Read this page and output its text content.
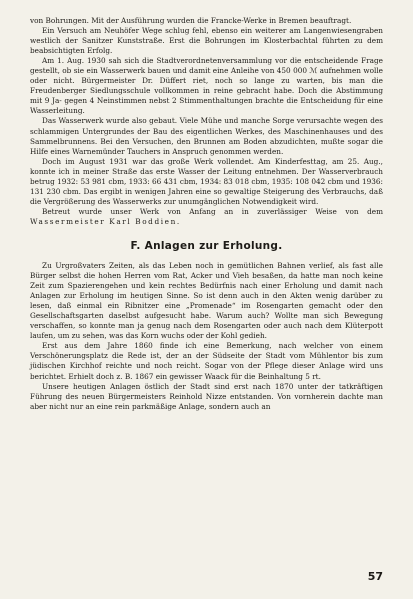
von Bohrungen. Mit der Ausführung wurden die Francke-Werke in Bremen beauftragt.

Ein Versuch am Neuhöfer Wege schlug fehl, ebenso ein weiterer am Langenwiesengraben westlich der Sanitzer Kunststraße. Erst die Bohrungen im Klosterbachtal führten zu dem beabsichtigten Erfolg.

Am 1. Aug. 1930 sah sich die Stadtverordnetenversammlung vor die entscheidende Frage gestellt, ob sie ein Wasserwerk bauen und damit eine Anleihe von 450 000 ℳ aufnehmen wolle oder nicht. Bürgermeister Dr. Düffert riet, noch so lange zu warten, bis man die Freudenberger Siedlungsschule vollkommen in reine gebracht habe. Doch die Abstimmung mit 9 Ja- gegen 4 Neinstimmen nebst 2 Stimmenthaltungen brachte die Entscheidung für eine Wasserleitung.

Das Wasserwerk wurde also gebaut. Viele Mühe und manche Sorge verursachte wegen des schlammigen Untergrundes der Bau des eigentlichen Werkes, des Maschinenhauses und des Sammelbrunnens. Bei den Versuchen, den Brunnen am Boden abzudichten, mußte sogar die Hilfe eines Warnemünder Tauchers in Anspruch genommen werden.

Doch im August 1931 war das große Werk vollendet. Am Kinderfesttag, am 25. Aug., konnte ich in meiner Straße das erste Wasser der Leitung entnehmen. Der Wasserverbrauch betrug 1932: 53 981 cbm, 1933: 66 431 cbm, 1934: 83 018 cbm, 1935: 108 042 cbm und 1936: 131 230 cbm. Das ergibt in wenigen Jahren eine so gewaltige Steigerung des Verbrauchs, daß die Vergrößerung des Wasserwerks zur unumgänglichen Notwendigkeit wird.

Betreut wurde unser Werk von Anfang an in zuverlässiger Weise von dem Wassermeister Karl Boddien.

F. Anlagen zur Erholung.

Zu Urgroßvaters Zeiten, als das Leben noch in gemütlichen Bahnen verlief, als fast alle Bürger selbst die hohen Herren vom Rat, Acker und Vieh besaßen, da hatte man noch keine Zeit zum Spazierengehen und kein rechtes Bedürfnis nach einer Erholung und damit nach Anlagen zur Erholung im heutigen Sinne. So ist denn auch in den Akten wenig darüber zu lesen, daß einmal ein Ribnitzer eine „Promenade“ im Rosengarten gemacht oder den Gesellschaftsgarten daselbst aufgesucht habe. Warum auch? Wollte man sich Bewegung verschaffen, so konnte man ja genug nach dem Rosengarten oder auch nach dem Klüterpott laufen, um zu sehen, was das Korn wuchs oder der Kohl gedieh.

Erst aus dem Jahre 1860 finde ich eine Bemerkung, nach welcher von einem Verschönerungsplatz die Rede ist, der an der Südseite der Stadt vom Mühlentor bis zum jüdischen Kirchhof reichte und noch reicht. Sogar von der Pflege dieser Anlage wird uns berichtet. Erhielt doch z. B. 1867 ein gewisser Waack für die Beinhaltung 5 rt.

Unsere heutigen Anlagen östlich der Stadt sind erst nach 1870 unter der tatkräftigen Führung des neuen Bürgermeisters Reinhold Nizze entstanden. Von vornherein dachte man aber nicht nur an eine rein parkmäßige Anlage, sondern auch an

57
